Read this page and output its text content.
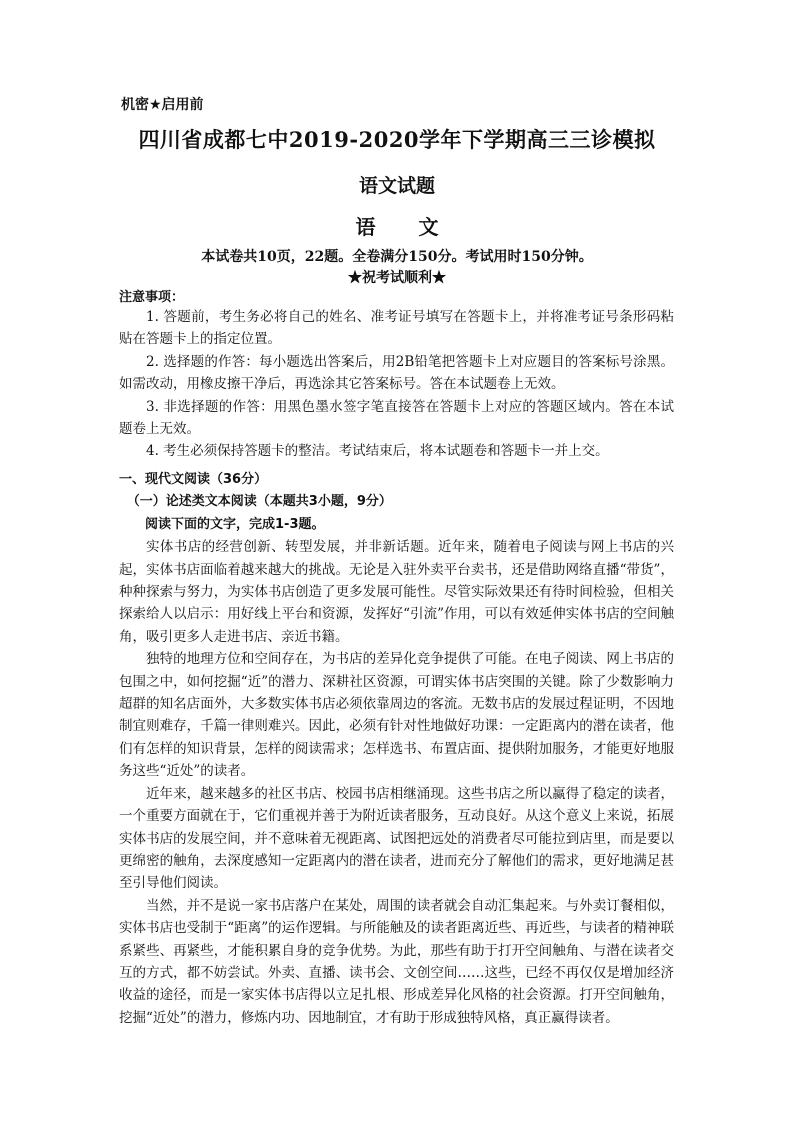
机密★启用前
四川省成都七中2019-2020学年下学期高三三诊模拟
语文试题
语 文
本试卷共10页，22题。全卷满分150分。考试用时150分钟。
★祝考试顺利★
注意事项：

1. 答题前，考生务必将自己的姓名、准考证号填写在答题卡上，并将准考证号条形码粘贴在答题卡上的指定位置。

2. 选择题的作答：每小题选出答案后，用2B铅笔把答题卡上对应题目的答案标号涂黑。如需改动，用橡皮擦干净后，再选涂其它答案标号。答在本试题卷上无效。

3. 非选择题的作答：用黑色墨水签字笔直接答在答题卡上对应的答题区域内。答在本试题卷上无效。

4. 考生必须保持答题卡的整洁。考试结束后，将本试题卷和答题卡一并上交。

一、现代文阅读（36分）

（一）论述类文本阅读（本题共3小题，9分）

阅读下面的文字，完成1-3题。

实体书店的经营创新、转型发展，并非新话题。近年来，随着电子阅读与网上书店的兴起，实体书店面临着越来越大的挑战。无论是入驻外卖平台卖书，还是借助网络直播“带货”，种种探索与努力，为实体书店创造了更多发展可能性。尽管实际效果还有待时间检验，但相关探索给人以启示：用好线上平台和资源，发挥好“引流”作用，可以有效延伸实体书店的空间触角，吸引更多人走进书店、亲近书籍。

独特的地理方位和空间存在，为书店的差异化竞争提供了可能。在电子阅读、网上书店的包围之中，如何挖掘“近”的潜力、深耕社区资源，可谓实体书店突围的关键。除了少数影响力超群的知名店面外，大多数实体书店必须依靠周边的客流。无数书店的发展过程证明，不因地制宜则难存，千篇一律则难兴。因此，必须有针对性地做好功课：一定距离内的潜在读者，他们有怎样的知识背景，怎样的阅读需求；怎样选书、布置店面、提供附加服务，才能更好地服务这些“近处”的读者。

近年来，越来越多的社区书店、校园书店相继涌现。这些书店之所以赢得了稳定的读者，一个重要方面就在于，它们重视并善于为附近读者服务，互动良好。从这个意义上来说，拓展实体书店的发展空间，并不意味着无视距离、试图把远处的消费者尽可能拉到店里，而是要以更绵密的触角，去深度感知一定距离内的潜在读者，进而充分了解他们的需求，更好地满足甚至引导他们阅读。

当然，并不是说一家书店落户在某处，周围的读者就会自动汇集起来。与外卖订餐相似，实体书店也受制于“距离”的运作逻辑。与所能触及的读者距离近些、再近些，与读者的精神联系紧些、再紧些，才能积累自身的竞争优势。为此，那些有助于打开空间触角、与潜在读者交互的方式，都不妨尝试。外卖、直播、读书会、文创空间……这些，已经不再仅仅是增加经济收益的途径，而是一家实体书店得以立足扎根、形成差异化风格的社会资源。打开空间触角，挖掘“近处”的潜力，修炼内功、因地制宜，才有助于形成独特风格，真正赢得读者。
